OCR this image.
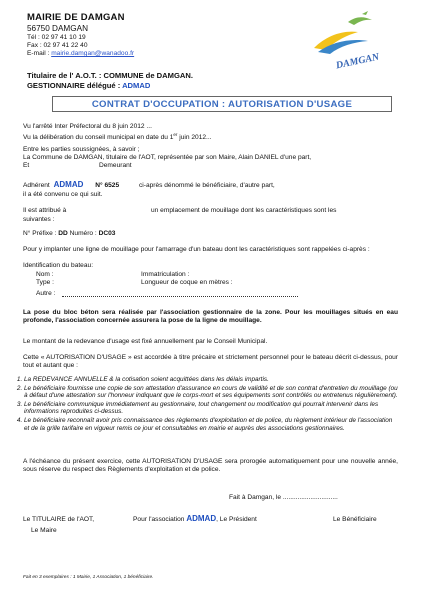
MAIRIE DE DAMGAN
56750 DAMGAN
Tél : 02 97 41 10 19
Fax : 02 97 41 22 40
E-mail : mairie.damgan@wanadoo.fr
Titulaire de l' A.O.T. : COMMUNE de DAMGAN.
GESTIONNAIRE délégué : ADMAD
DAMGAN
CONTRAT D'OCCUPATION : AUTORISATION D'USAGE
Vu l'arrêté Inter Préfectoral du 8 juin 2012 ...
Vu la délibération du conseil municipal en date du 1er juin 2012...
Entre les parties soussignées, à savoir ;
La Commune de DAMGAN, titulaire de l'AOT, représentée par son Maire, Alain DANIEL d'une part,
Et	Demeurant
Adhérent ADMAD N° 6525	ci-après dénommé le bénéficiaire, d'autre part,
il a été convenu ce qui suit.
Il est attribué à	un emplacement de mouillage dont les caractéristiques sont les
suivantes :
N° Préfixe : DD Numéro : DC03
Pour y implanter une ligne de mouillage pour l'amarrage d'un bateau dont les caractéristiques sont rappelées ci-après :
Identification du bateau:
Nom :	Immatriculation :
Type :	Longueur de coque en mètres :
Autre :
La pose du bloc béton sera réalisée par l'association gestionnaire de la zone. Pour les mouillages situés en eau profonde, l'association concernée assurera la pose de la ligne de mouillage.
Le montant de la redevance d'usage est fixé annuellement par le Conseil Municipal.
Cette « AUTORISATION D'USAGE » est accordée à titre précaire et strictement personnel pour le bateau décrit ci-dessus, pour tout et autant que :
1. La REDEVANCE ANNUELLE & la cotisation soient acquittées dans les délais impartis.
2. Le bénéficiaire fournisse une copie de son attestation d'assurance en cours de validité et de son contrat d'entretien du mouillage (ou à défaut d'une attestation sur l'honneur indiquant que le corps-mort et ses équipements sont contrôlés ou entretenus régulièrement).
3. Le bénéficiaire communique immédiatement au gestionnaire, tout changement ou modification qui pourrait intervenir dans les informations reproduites ci-dessus.
4. Le bénéficiaire reconnaît avoir pris connaissance des règlements d'exploitation et de police, du règlement intérieur de l'association et de la grille tarifaire en vigueur remis ce jour et consultables en mairie et auprès des associations gestionnaires.
A l'échéance du présent exercice, cette AUTORISATION D'USAGE sera prorogée automatiquement pour une nouvelle année, sous réserve du respect des Règlements d'exploitation et de police.
Fait à Damgan, le ..............................
Le TITULAIRE de l'AOT,
Le Maire
Pour l'association ADMAD, Le Président	Le Bénéficiaire
Fait en 3 exemplaires : 1 Mairie, 1 Association, 1 bénéficiaire.
